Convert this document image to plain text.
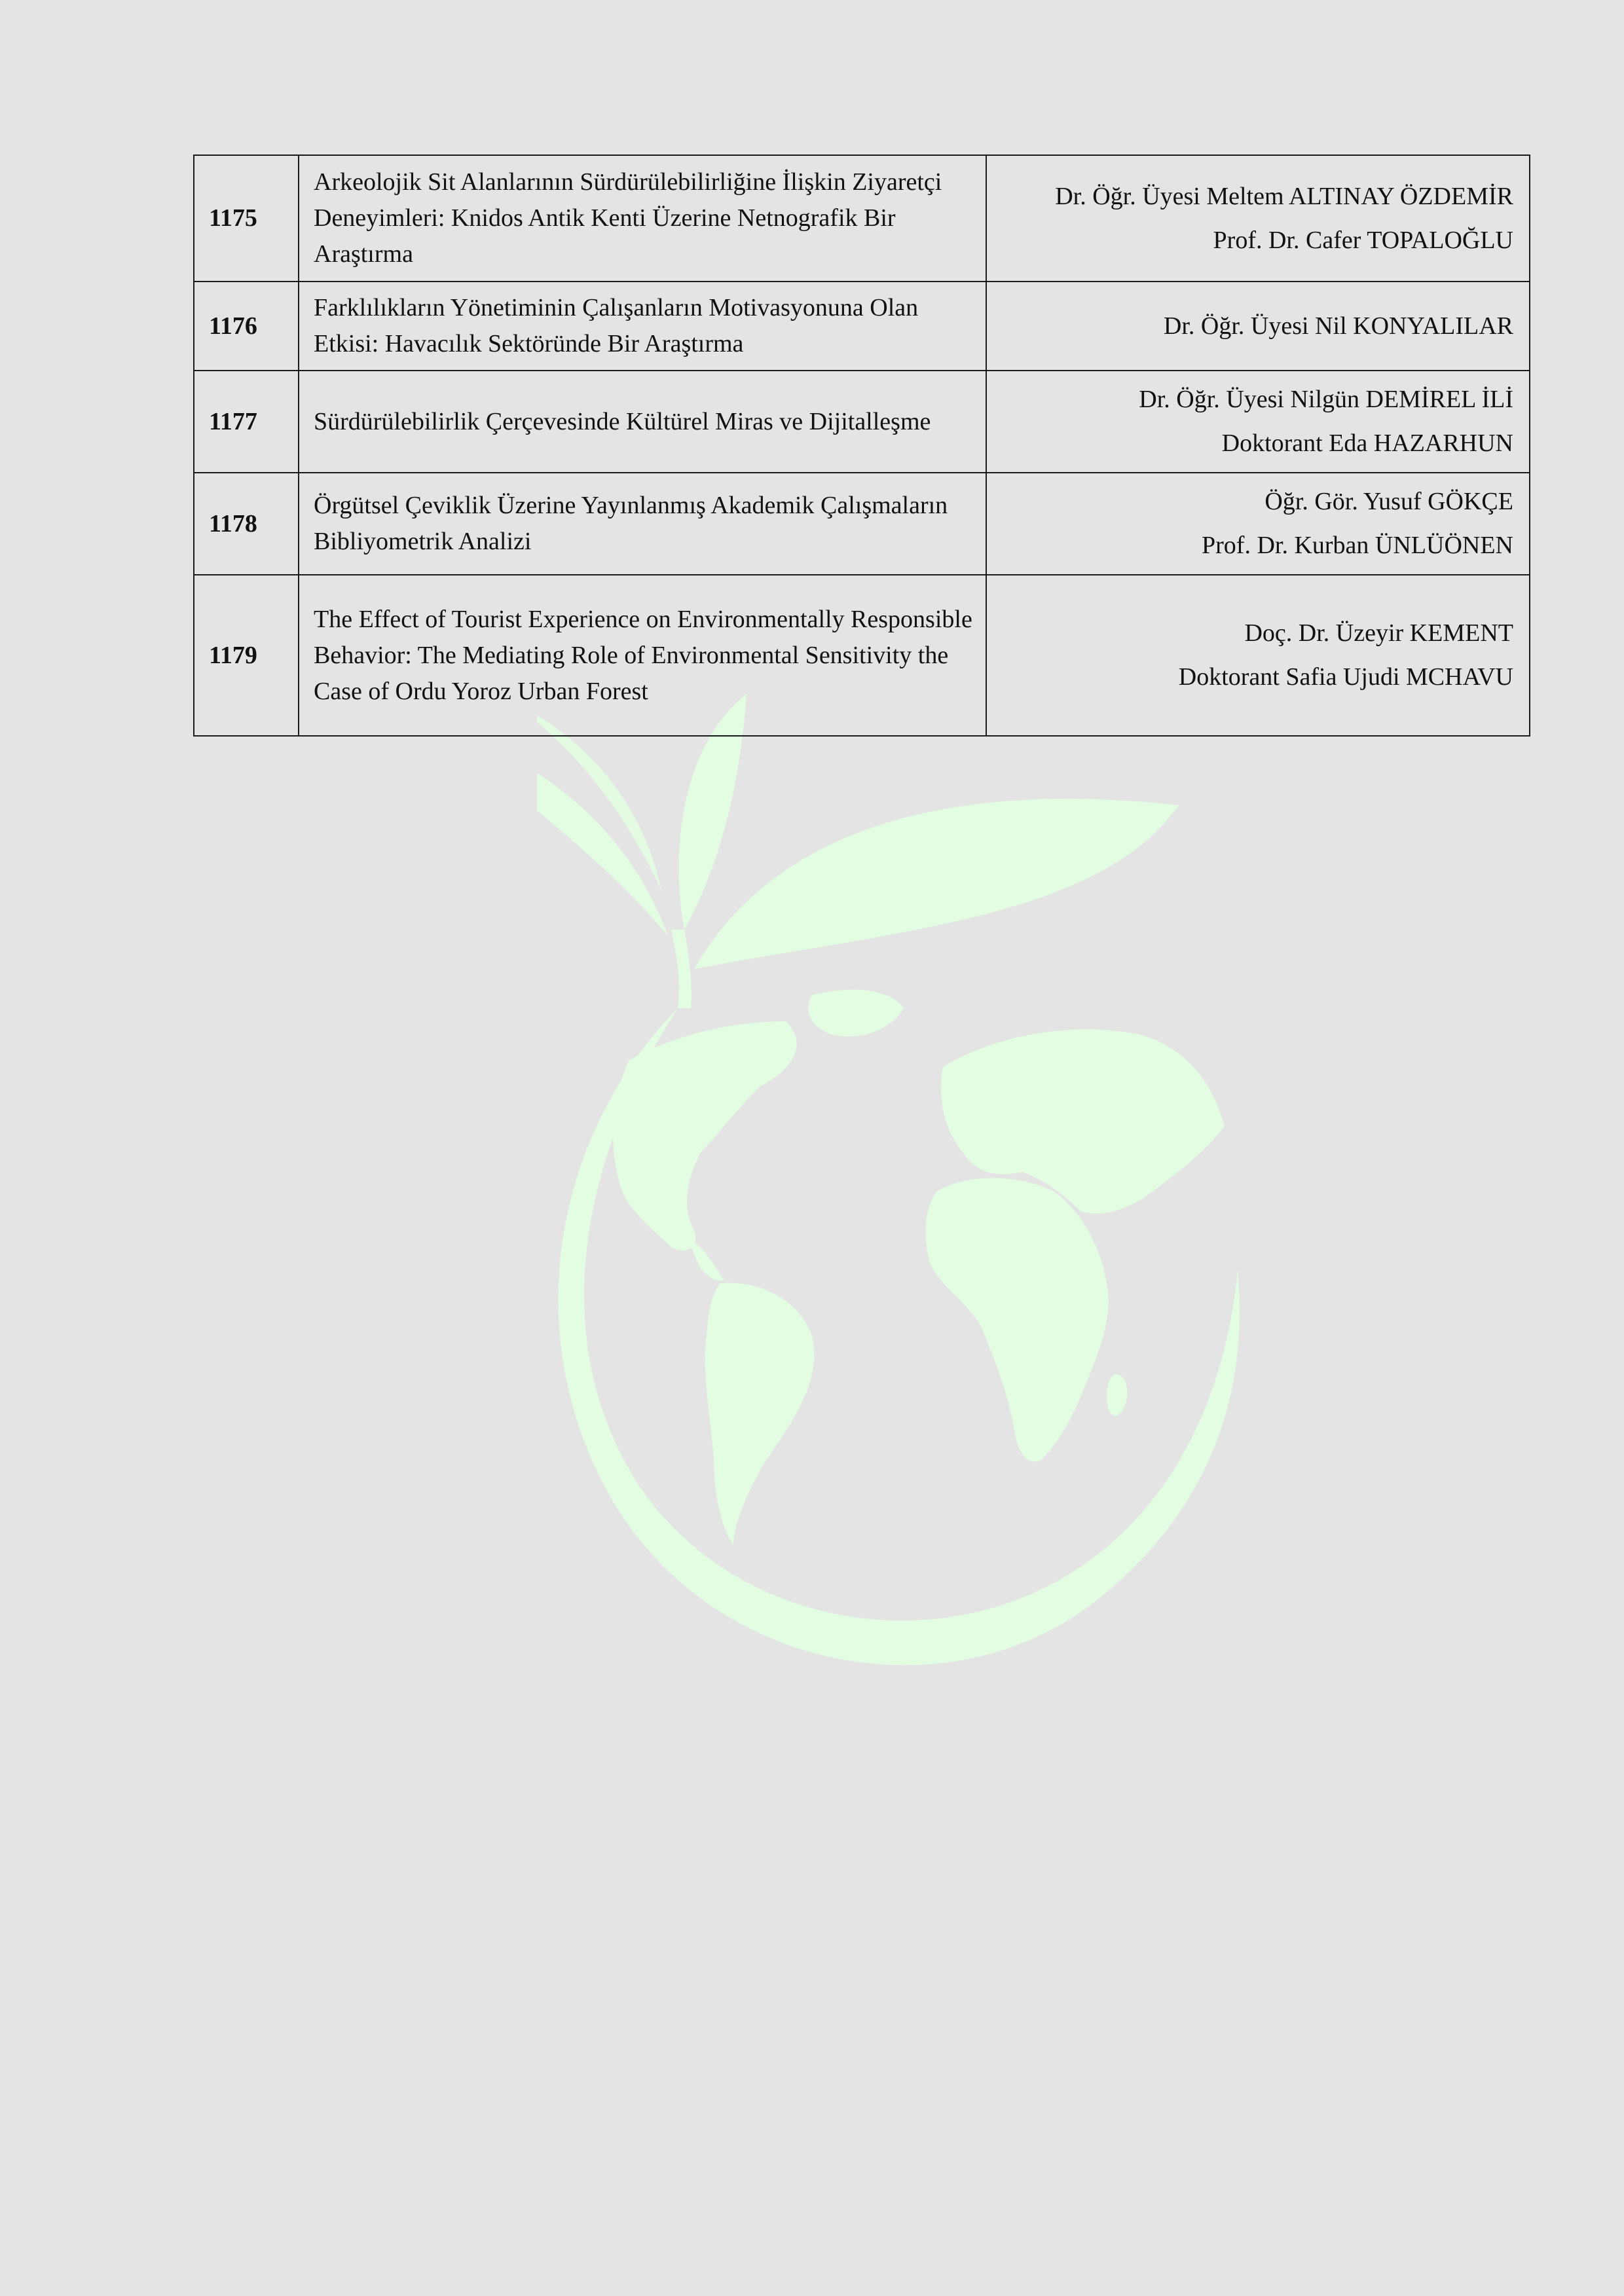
1175	Arkeolojik Sit Alanlarının Sürdürülebilirliğine İlişkin Ziyaretçi Deneyimleri: Knidos Antik Kenti Üzerine Netnografik Bir Araştırma	Dr. Öğr. Üyesi Meltem ALTINAY ÖZDEMİR
Prof. Dr. Cafer TOPALOĞLU

1176	Farklılıkların Yönetiminin Çalışanların Motivasyonuna Olan Etkisi: Havacılık Sektöründe Bir Araştırma	Dr. Öğr. Üyesi Nil KONYALILAR

1177	Sürdürülebilirlik Çerçevesinde Kültürel Miras ve Dijitalleşme	Dr. Öğr. Üyesi Nilgün DEMİREL İLİ
Doktorant Eda HAZARHUN

1178	Örgütsel Çeviklik Üzerine Yayınlanmış Akademik Çalışmaların Bibliyometrik Analizi	Öğr. Gör. Yusuf GÖKÇE
Prof. Dr. Kurban ÜNLÜÖNEN

1179	The Effect of Tourist Experience on Environmentally Responsible Behavior: The Mediating Role of Environmental Sensitivity the Case of Ordu Yoroz Urban Forest	Doç. Dr. Üzeyir KEMENT
Doktorant Safia Ujudi MCHAVU
